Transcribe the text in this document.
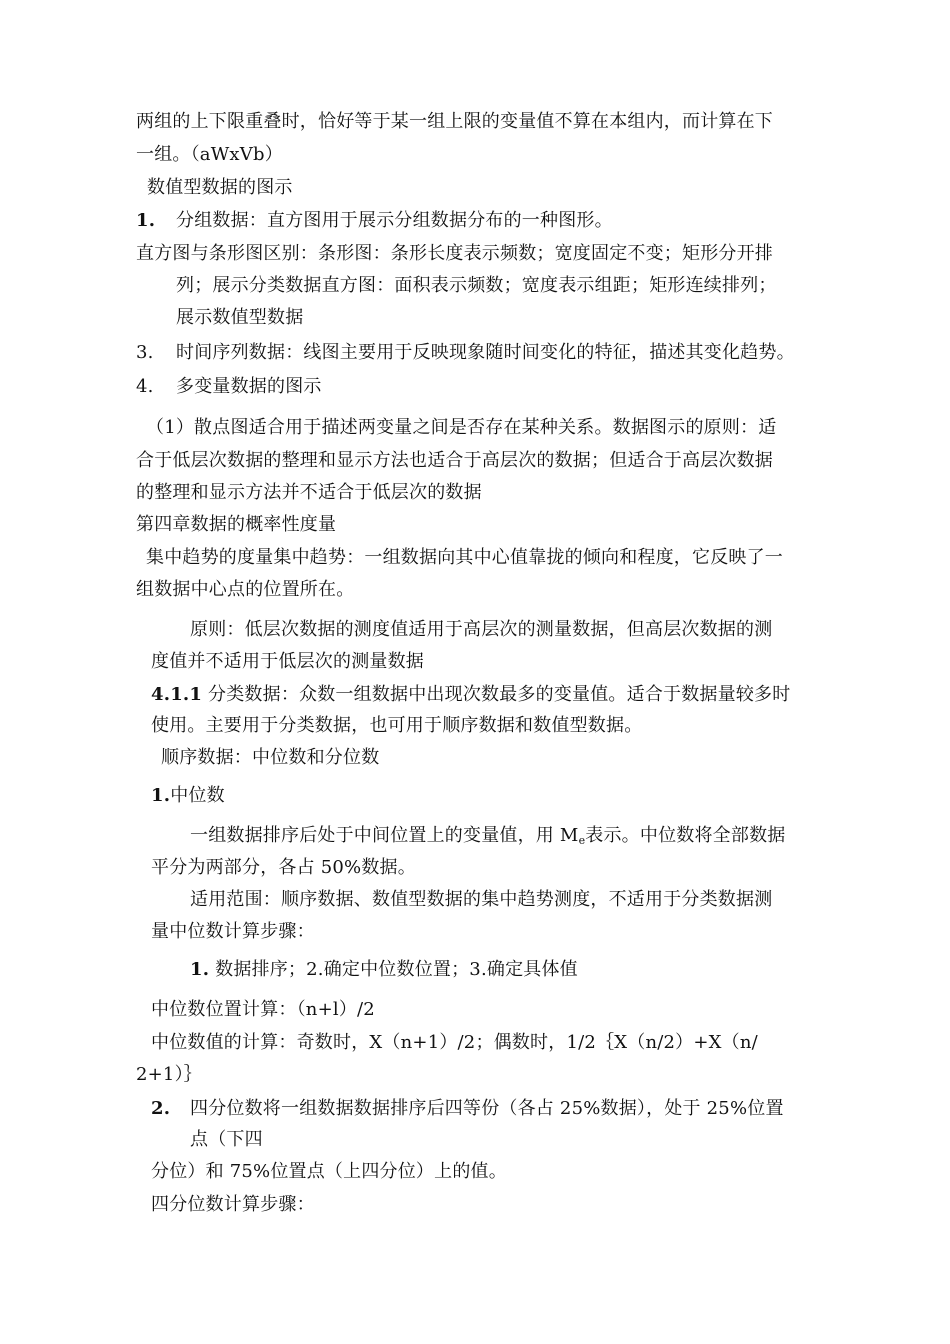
两组的上下限重叠时，恰好等于某一组上限的变量值不算在本组内，而计算在下
一组。（aWxVb）
数值型数据的图示
1. 分组数据：直方图用于展示分组数据分布的一种图形。
直方图与条形图区别：条形图：条形长度表示频数；宽度固定不变；矩形分开排
列；展示分类数据直方图：面积表示频数；宽度表示组距；矩形连续排列；
展示数值型数据
3. 时间序列数据：线图主要用于反映现象随时间变化的特征，描述其变化趋势。
4. 多变量数据的图示
（1）散点图适合用于描述两变量之间是否存在某种关系。数据图示的原则：适
合于低层次数据的整理和显示方法也适合于高层次的数据；但适合于高层次数据
的整理和显示方法并不适合于低层次的数据
第四章数据的概率性度量
集中趋势的度量集中趋势：一组数据向其中心值靠拢的倾向和程度，它反映了一
组数据中心点的位置所在。
原则：低层次数据的测度值适用于高层次的测量数据，但高层次数据的测
度值并不适用于低层次的测量数据
4.1.1 分类数据：众数一组数据中出现次数最多的变量值。适合于数据量较多时
使用。主要用于分类数据，也可用于顺序数据和数值型数据。
顺序数据：中位数和分位数
1.中位数
一组数据排序后处于中间位置上的变量值，用 $M_e$表示。中位数将全部数据
平分为两部分，各占 50%数据。
适用范围：顺序数据、数值型数据的集中趋势测度，不适用于分类数据测
量中位数计算步骤：
1. 数据排序；2.确定中位数位置；3.确定具体值
中位数位置计算：（n+l）/2
中位数值的计算：奇数时，X（n+1）/2；偶数时，1/2｛X（n/2）+X（n/
2+1）｝
2. 四分位数将一组数据数据排序后四等份（各占 25%数据），处于 25%位置
点（下四
分位）和 75%位置点（上四分位）上的值。
四分位数计算步骤：
